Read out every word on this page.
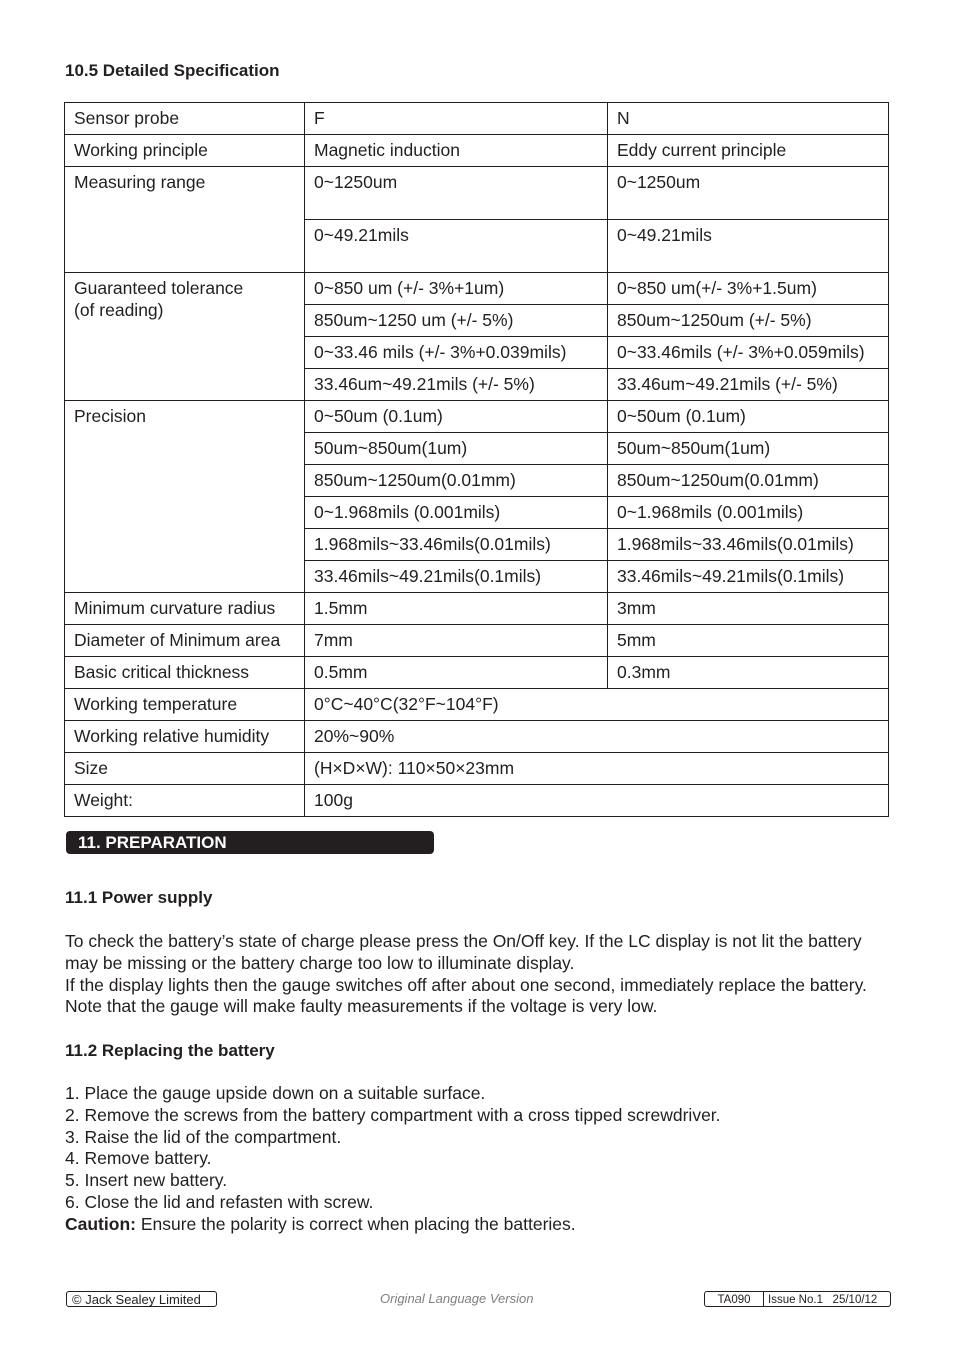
10.5 Detailed Specification
Sensor probe	F	N
Working principle	Magnetic induction	Eddy current principle
Measuring range	0~1250um	0~1250um
	0~49.21mils	0~49.21mils

Guaranteed tolerance
(of reading)	0~850 um (+/- 3%+1um)	0~850 um(+/- 3%+1.5um)
	850um~1250 um (+/- 5%)	850um~1250um (+/- 5%)
	0~33.46 mils (+/- 3%+0.039mils)	0~33.46mils (+/- 3%+0.059mils)
	33.46um~49.21mils (+/- 5%)	33.46um~49.21mils (+/- 5%)
Precision	0~50um (0.1um)	0~50um (0.1um)
	50um~850um(1um)	50um~850um(1um)
	850um~1250um(0.01mm)	850um~1250um(0.01mm)
	0~1.968mils (0.001mils)	0~1.968mils (0.001mils)
	1.968mils~33.46mils(0.01mils)	1.968mils~33.46mils(0.01mils)
	33.46mils~49.21mils(0.1mils)	33.46mils~49.21mils(0.1mils)
Minimum curvature radius	1.5mm	3mm
Diameter of Minimum area	7mm	5mm
Basic critical thickness	0.5mm	0.3mm
Working temperature	0°C~40°C(32°F~104°F)	
Working relative humidity	20%~90%	
Size	(H×D×W): 110×50×23mm	
Weight:	100g	
11. PREPARATION
11.1 Power supply

To check the battery’s state of charge please press the On/Off key. If the LC display is not lit the battery may be missing or the battery charge too low to illuminate display.

If the display lights then the gauge switches off after about one second, immediately replace the battery. Note that the gauge will make faulty measurements if the voltage is very low.

11.2 Replacing the battery

1. Place the gauge upside down on a suitable surface.

2. Remove the screws from the battery compartment with a cross tipped screwdriver.

3. Raise the lid of the compartment.

4. Remove battery.

5. Insert new battery.

6. Close the lid and refasten with screw.

Caution: Ensure the polarity is correct when placing the batteries.

© Jack Sealey Limited	Original Language Version	TA090	Issue No.1   25/10/12
